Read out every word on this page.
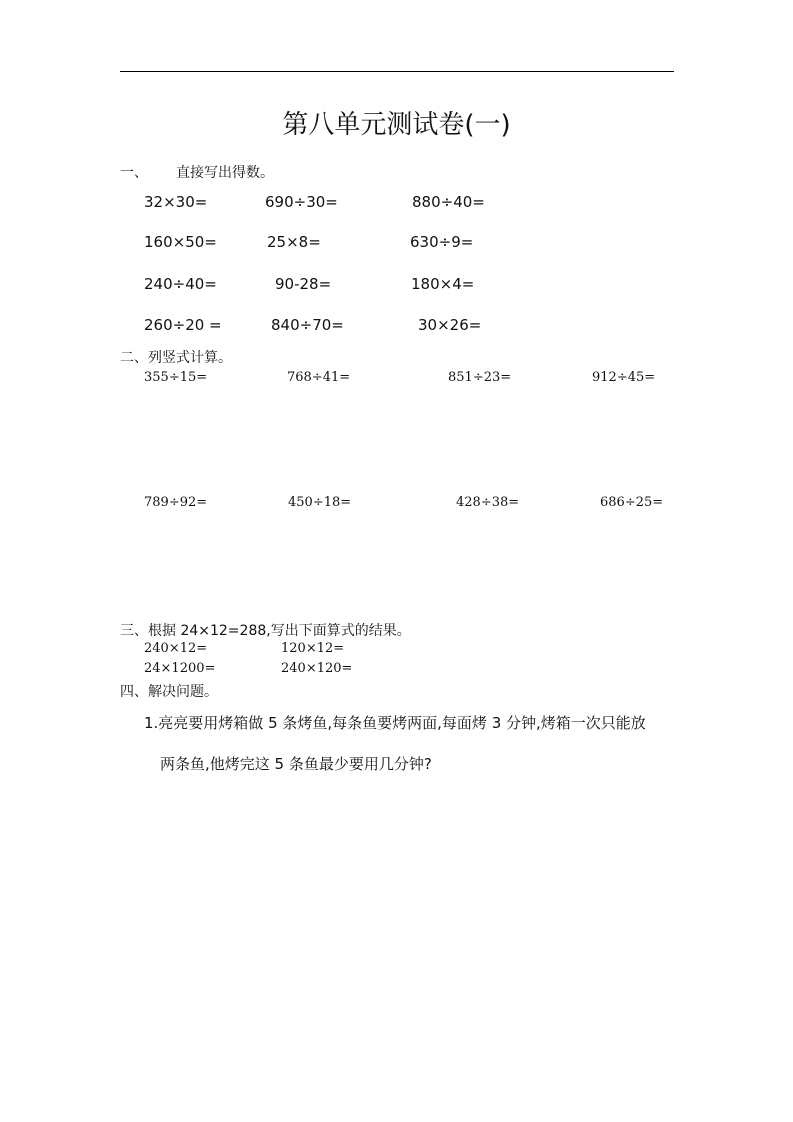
第八单元测试卷(一)
一、 直接写出得数。
32×30=	690÷30=	880÷40=
160×50=	25×8=	630÷9=
240÷40=	90-28=	180×4=
260÷20 =	840÷70=	30×26=
二、列竖式计算。
355÷15=	768÷41=	851÷23=	912÷45=
789÷92=	450÷18=	428÷38=	686÷25=
三、根据 24×12=288,写出下面算式的结果。
240×12=	120×12=
24×1200=	240×120=
四、解决问题。
1.亮亮要用烤箱做 5 条烤鱼,每条鱼要烤两面,每面烤 3 分钟,烤箱一次只能放
两条鱼,他烤完这 5 条鱼最少要用几分钟?
